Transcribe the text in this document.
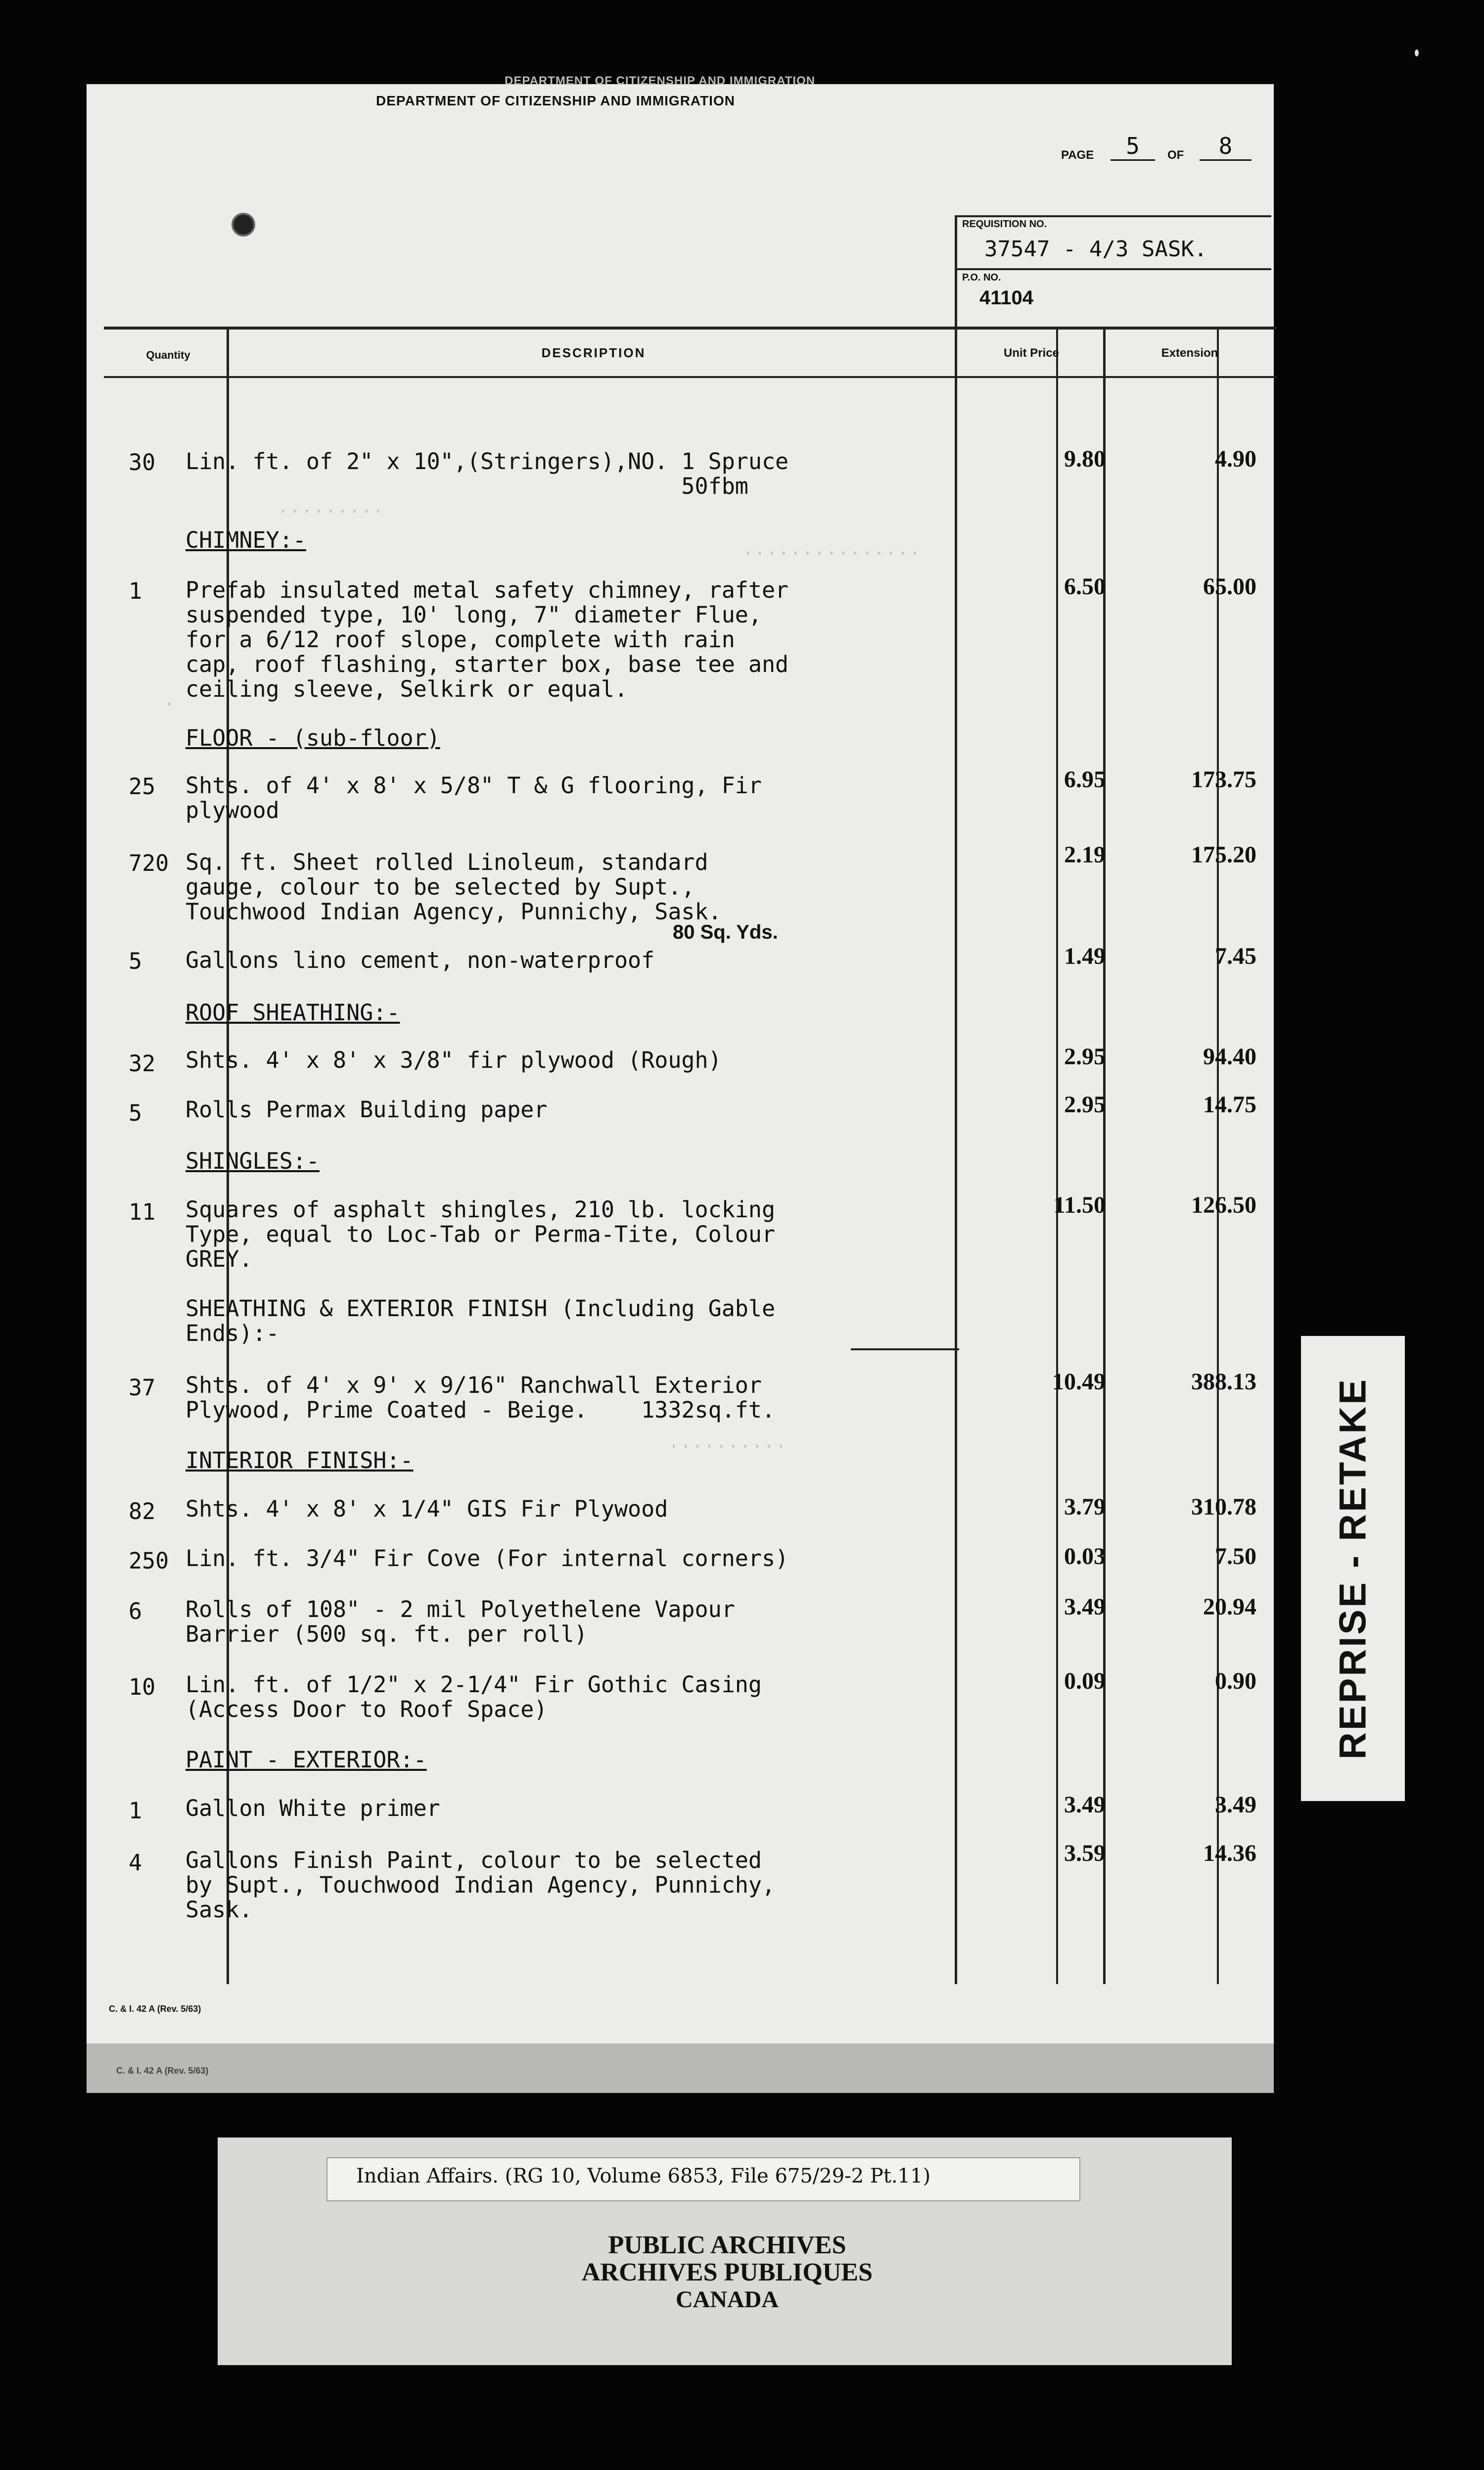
C. & I. 42 A (Rev. 5/63)
DEPARTMENT OF CITIZENSHIP AND IMMIGRATION
DEPARTMENT OF CITIZENSHIP AND IMMIGRATION
PAGE	5	OF	8
REQUISITION NO.
37547 - 4/3 SASK.
P.O. NO.
41104
Quantity	DESCRIPTION	Unit Price	Extension
.........
...............
.
..........
30	Lin. ft. of 2" x 10",(Stringers),NO. 1 Spruce
50fbm
9.80	4.90
CHIMNEY:-
1	Prefab insulated metal safety chimney, rafter
suspended type, 10' long, 7" diameter Flue,
for a 6/12 roof slope, complete with rain
cap, roof flashing, starter box, base tee and
ceiling sleeve, Selkirk or equal.
6.50	65.00
FLOOR - (sub-floor)
25	Shts. of 4' x 8' x 5/8" T & G flooring, Fir
plywood
6.95	173.75
720 Sq. ft. Sheet rolled Linoleum, standard
gauge, colour to be selected by Supt.,
Touchwood Indian Agency, Punnichy, Sask.
2.19	175.20
80 Sq. Yds.
5	Gallons lino cement, non-waterproof	1.49	7.45
ROOF SHEATHING:-
32	Shts. 4' x 8' x 3/8" fir plywood (Rough)	2.95	94.40
5	Rolls Permax Building paper	2.95	14.75
SHINGLES:-
11	Squares of asphalt shingles, 210 lb. locking
Type, equal to Loc-Tab or Perma-Tite, Colour
GREY.
11.50	126.50
SHEATHING & EXTERIOR FINISH (Including Gable
Ends):-
37	Shts. of 4' x 9' x 9/16" Ranchwall Exterior
Plywood, Prime Coated - Beige.    1332sq.ft.
10.49	388.13
INTERIOR FINISH:-
82	Shts. 4' x 8' x 1/4" GIS Fir Plywood	3.79	310.78
250 Lin. ft. 3/4" Fir Cove (For internal corners)	0.03	7.50
6	Rolls of 108" - 2 mil Polyethelene Vapour
Barrier (500 sq. ft. per roll)
3.49	20.94
10	Lin. ft. of 1/2" x 2-1/4" Fir Gothic Casing
(Access Door to Roof Space)
0.09	0.90
PAINT - EXTERIOR:-
1	Gallon White primer	3.49	3.49
4	Gallons Finish Paint, colour to be selected
by Supt., Touchwood Indian Agency, Punnichy,
Sask.
3.59	14.36
C. & I. 42 A (Rev. 5/63)
REPRISE - RETAKE
Indian Affairs. (RG 10, Volume 6853, File 675/29-2 Pt.11)
PUBLIC ARCHIVES
ARCHIVES PUBLIQUES
CANADA
